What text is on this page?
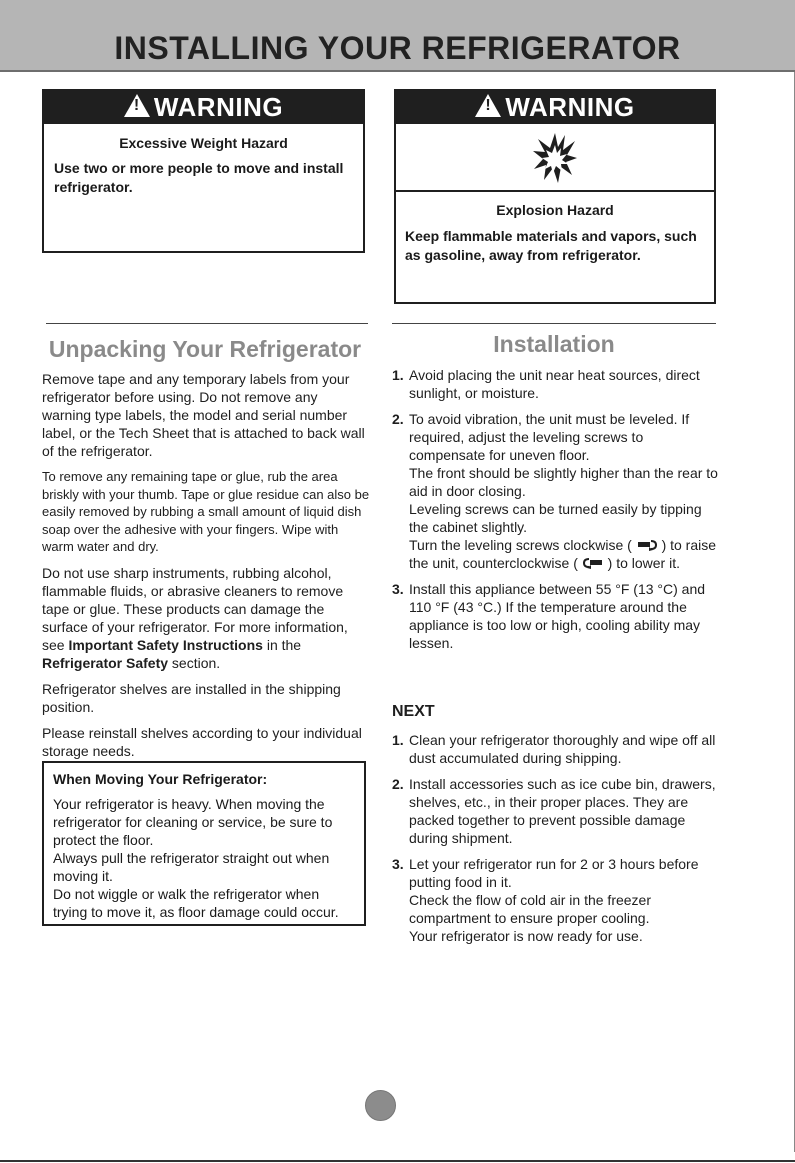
INSTALLING YOUR REFRIGERATOR
!WARNING
Excessive Weight Hazard
Use two or more people to move and install refrigerator.
!WARNING
Explosion Hazard
Keep flammable materials and vapors, such as gasoline, away from refrigerator.
Unpacking Your Refrigerator	Installation

Remove tape and any temporary labels from your refrigerator before using. Do not remove any warning type labels, the model and serial number label, or the Tech Sheet that is attached to back wall of the refrigerator.

To remove any remaining tape or glue, rub the area briskly with your thumb. Tape or glue residue can also be easily removed by rubbing a small amount of liquid dish soap over the adhesive with your fingers. Wipe with warm water and dry.

Do not use sharp instruments, rubbing alcohol, flammable fluids, or abrasive cleaners to remove tape or glue. These products can damage the surface of your refrigerator. For more information, see Important Safety Instructions in the Refrigerator Safety section.

Refrigerator shelves are installed in the shipping position.

Please reinstall shelves according to your individual storage needs.

When Moving Your Refrigerator:
Your refrigerator is heavy. When moving the refrigerator for cleaning or service, be sure to protect the floor.
Always pull the refrigerator straight out when moving it.
Do not wiggle or walk the refrigerator when trying to move it, as floor damage could occur.
1. Avoid placing the unit near heat sources, direct sunlight, or moisture.
2. To avoid vibration, the unit must be leveled. If required, adjust the leveling screws to compensate for uneven floor.
The front should be slightly higher than the rear to aid in door closing.
Leveling screws can be turned easily by tipping the cabinet slightly.
Turn the leveling screws clockwise ( ) to raise the unit, counterclockwise ( ) to lower it.
3. Install this appliance between 55 °F (13 °C) and 110 °F (43 °C.) If the temperature around the appliance is too low or high, cooling ability may lessen.
NEXT
1. Clean your refrigerator thoroughly and wipe off all dust accumulated during shipping.
2. Install accessories such as ice cube bin, drawers, shelves, etc., in their proper places. They are packed together to prevent possible damage during shipment.
3. Let your refrigerator run for 2 or 3 hours before putting food in it.
Check the flow of cold air in the freezer compartment to ensure proper cooling.
Your refrigerator is now ready for use.
